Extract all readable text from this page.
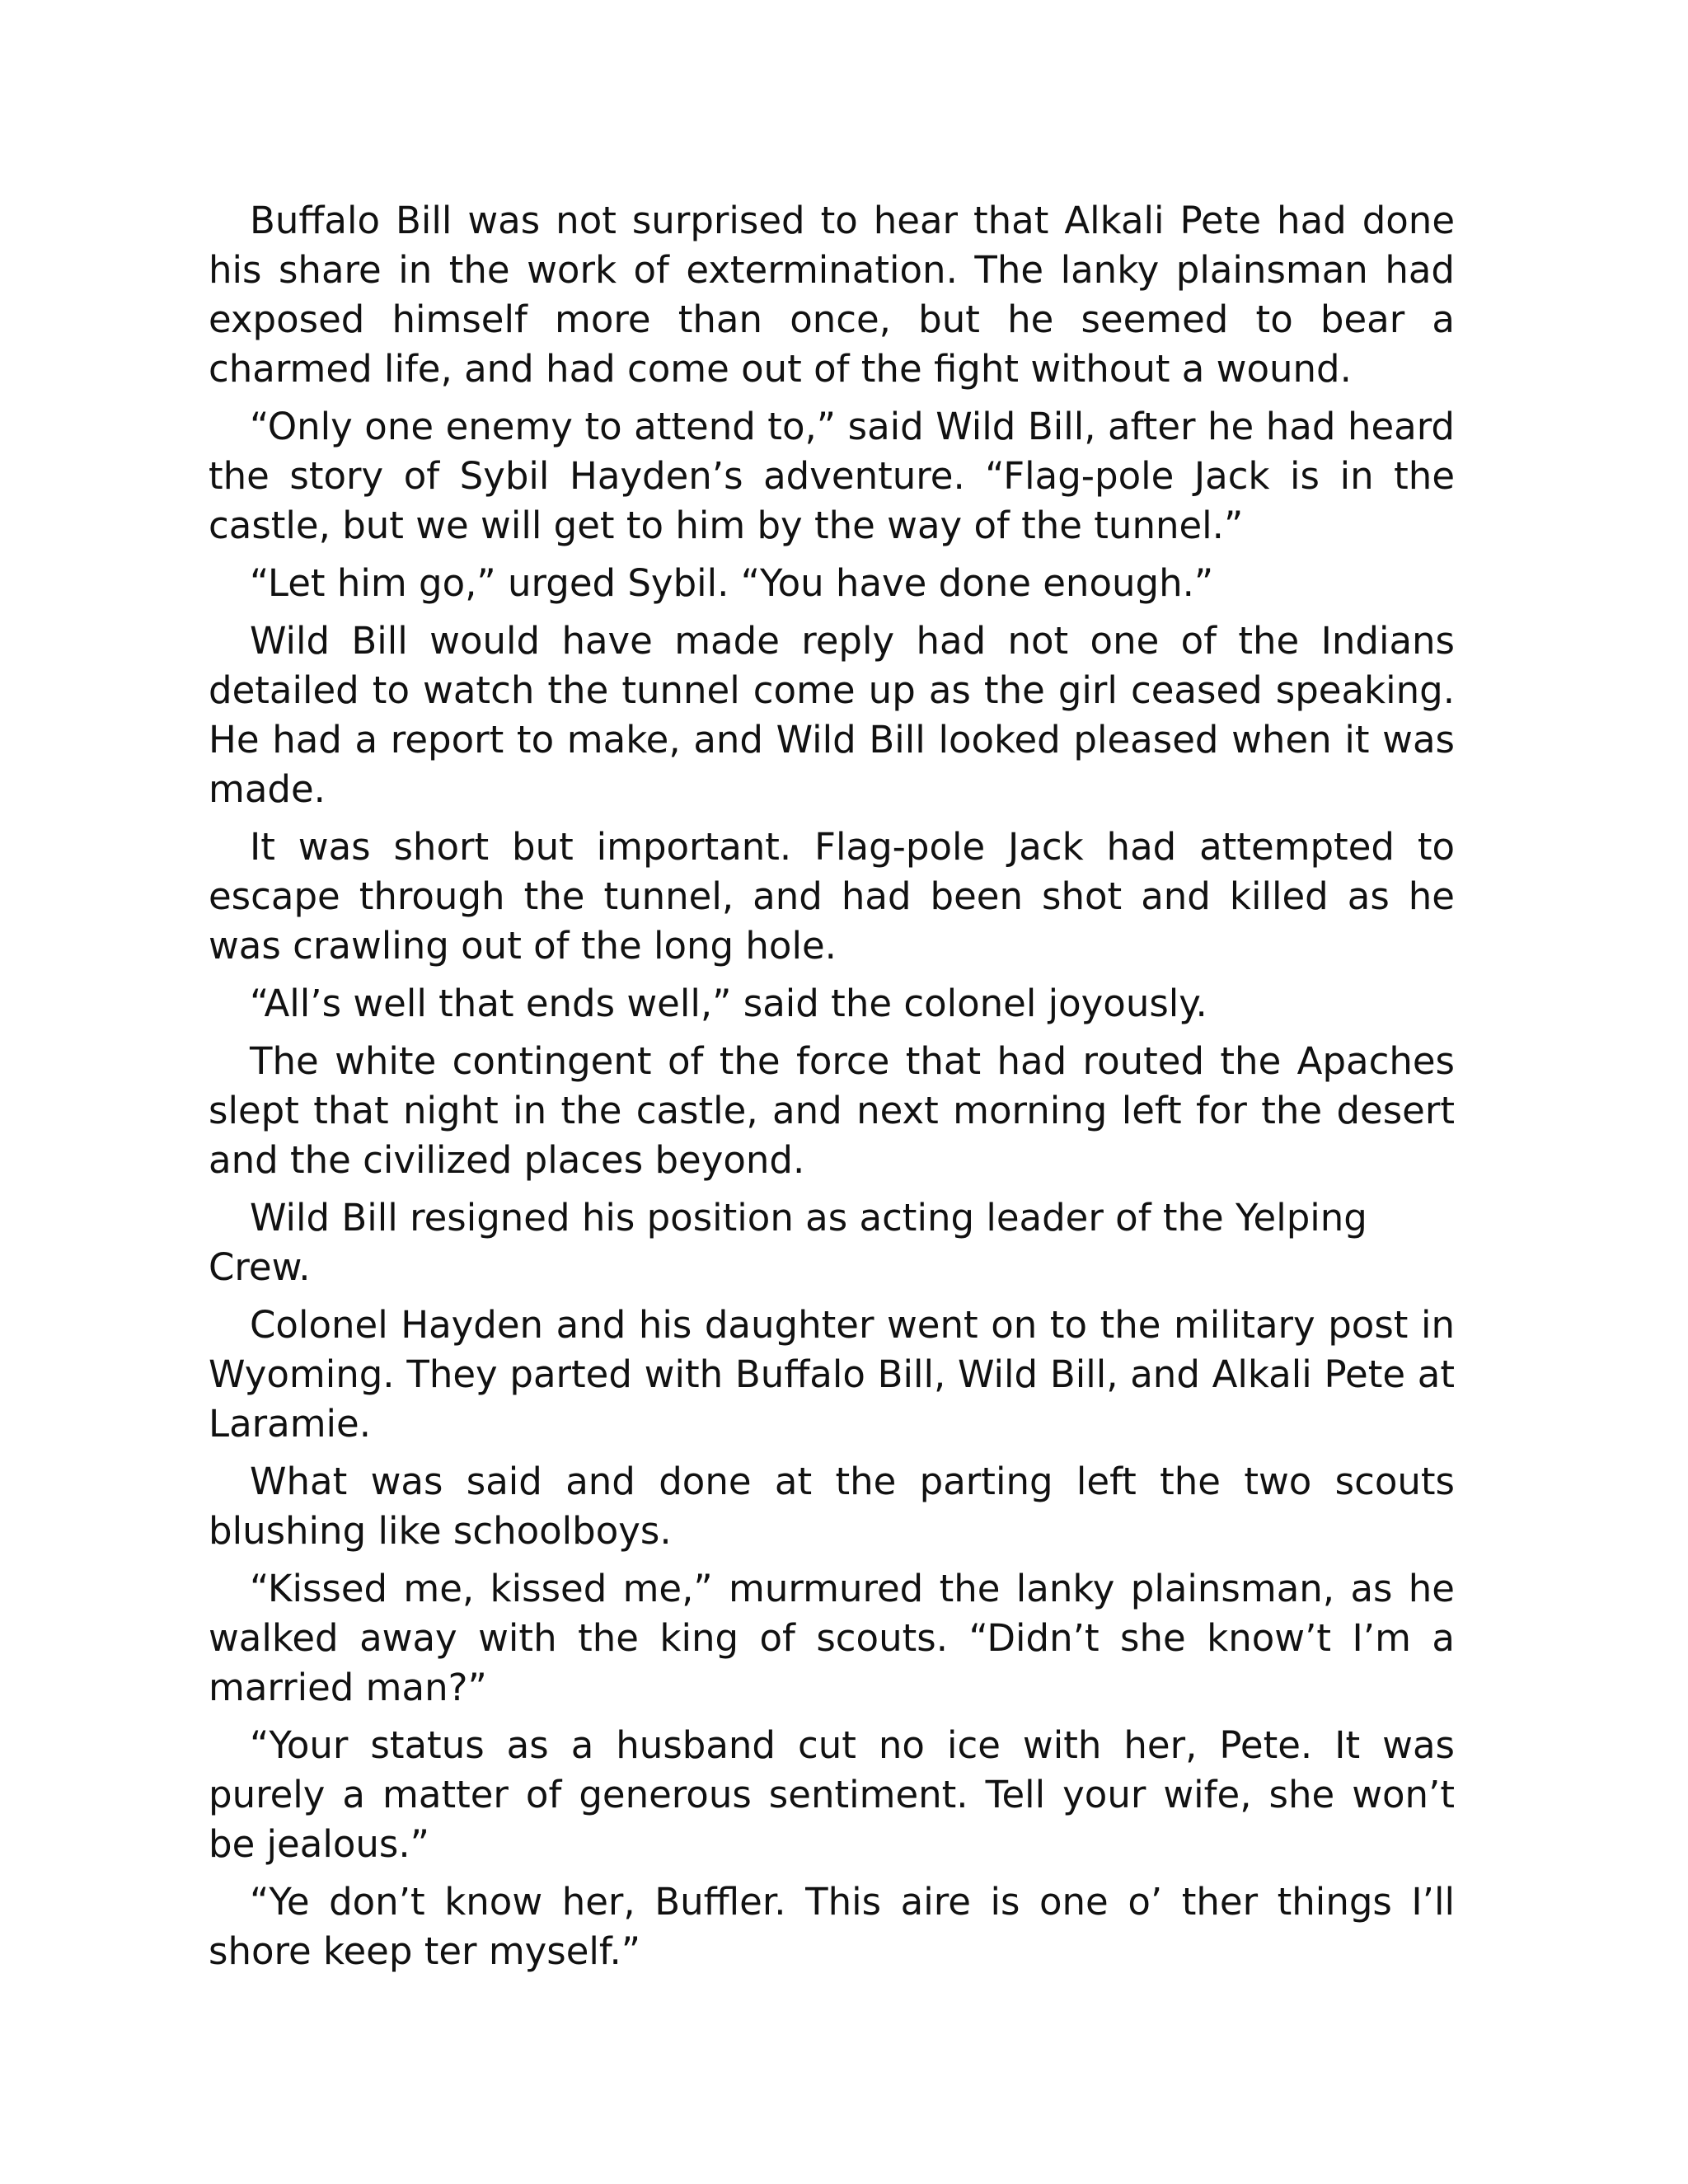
Buffalo Bill was not surprised to hear that Alkali Pete had done his share in the work of extermination. The lanky plainsman had exposed himself more than once, but he seemed to bear a charmed life, and had come out of the fight without a wound.

“Only one enemy to attend to,” said Wild Bill, after he had heard the story of Sybil Hayden’s adventure. “Flag-pole Jack is in the castle, but we will get to him by the way of the tunnel.”

“Let him go,” urged Sybil. “You have done enough.”

Wild Bill would have made reply had not one of the Indians detailed to watch the tunnel come up as the girl ceased speaking. He had a report to make, and Wild Bill looked pleased when it was made.

It was short but important. Flag-pole Jack had attempted to escape through the tunnel, and had been shot and killed as he was crawling out of the long hole.

“All’s well that ends well,” said the colonel joyously.

The white contingent of the force that had routed the Apaches slept that night in the castle, and next morning left for the desert and the civilized places beyond.

Wild Bill resigned his position as acting leader of the Yelping Crew.

Colonel Hayden and his daughter went on to the military post in Wyoming. They parted with Buffalo Bill, Wild Bill, and Alkali Pete at Laramie.

What was said and done at the parting left the two scouts blushing like schoolboys.

“Kissed me, kissed me,” murmured the lanky plainsman, as he walked away with the king of scouts. “Didn’t she know’t I’m a married man?”

“Your status as a husband cut no ice with her, Pete. It was purely a matter of generous sentiment. Tell your wife, she won’t be jealous.”

“Ye don’t know her, Buffler. This aire is one o’ ther things I’ll shore keep ter myself.”
